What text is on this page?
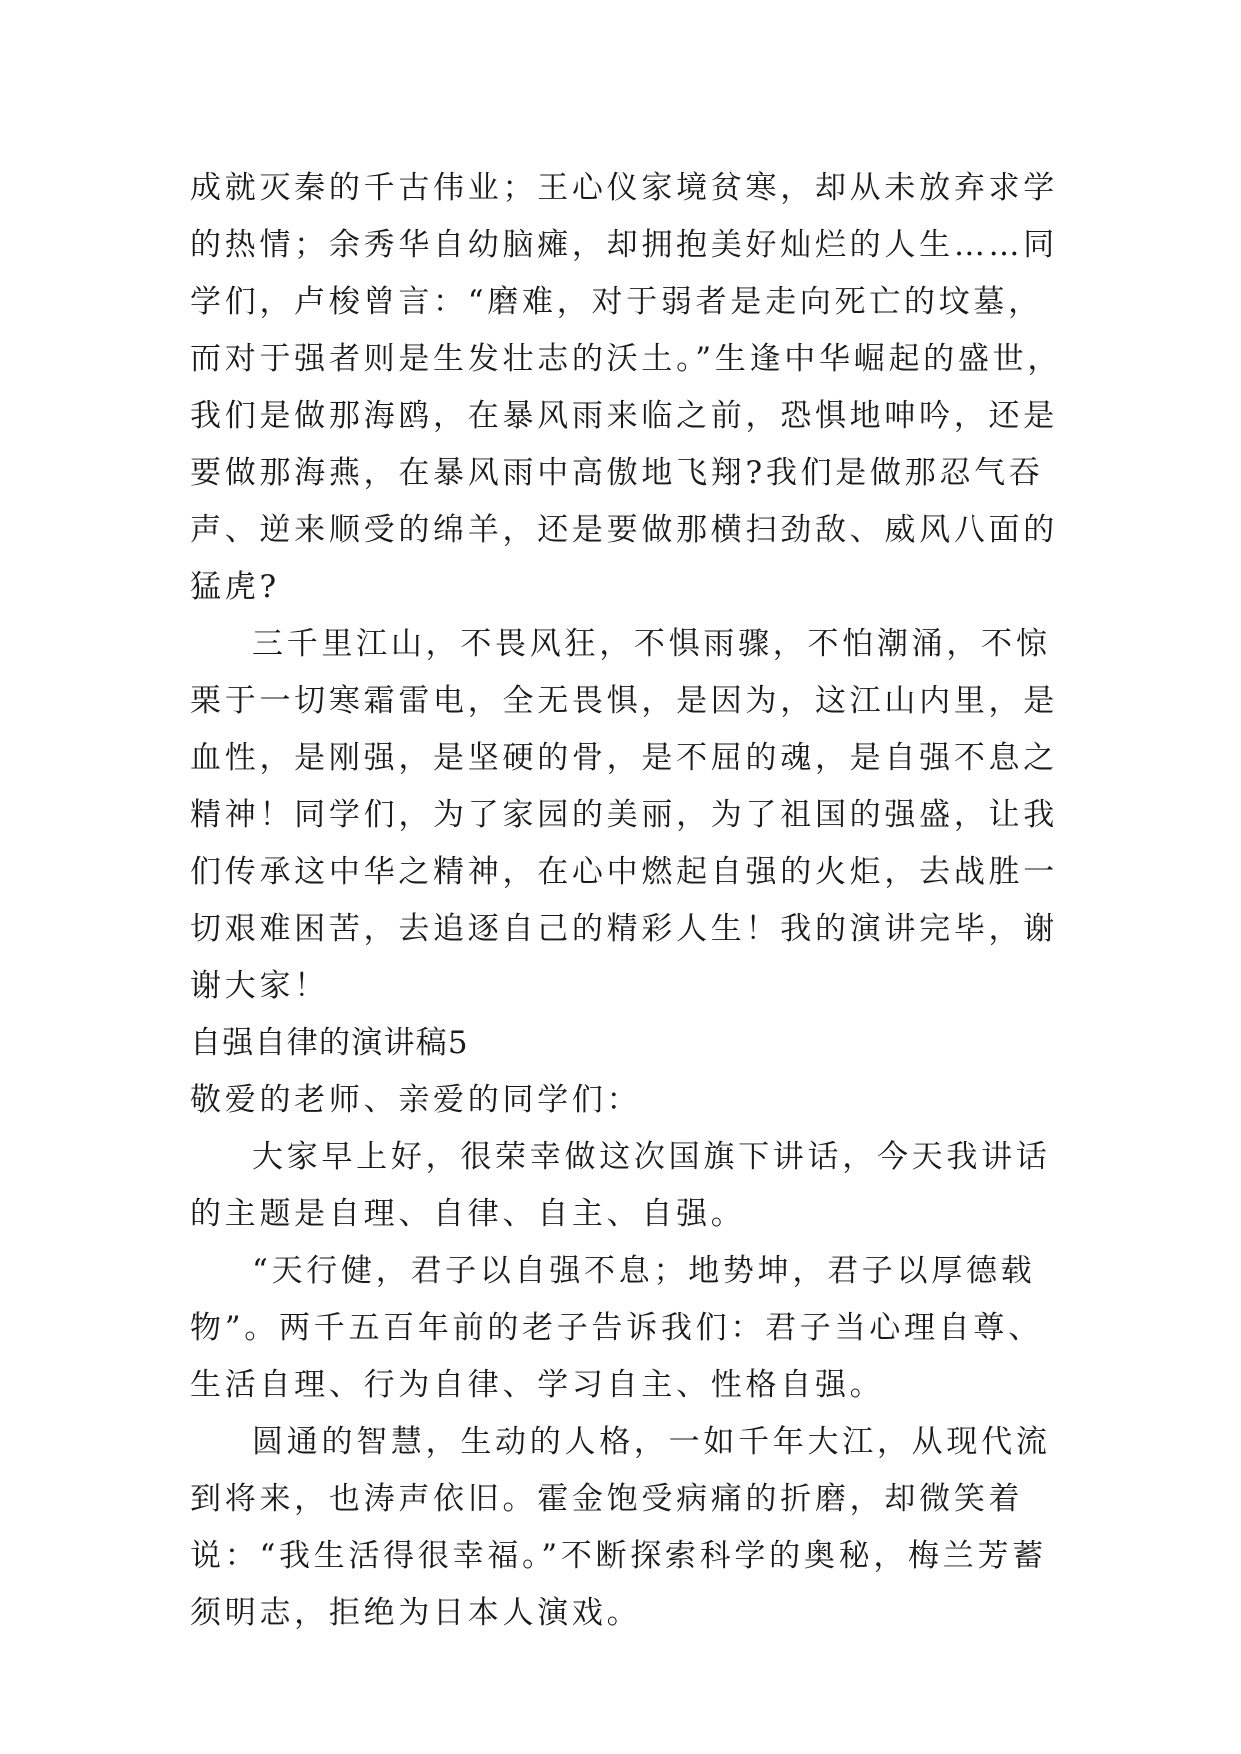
成就灭秦的千古伟业；王心仪家境贫寒，却从未放弃求学的热情；余秀华自幼脑瘫，却拥抱美好灿烂的人生……同学们，卢梭曾言：“磨难，对于弱者是走向死亡的坟墓，而对于强者则是生发壮志的沃土。”生逢中华崛起的盛世，我们是做那海鸥，在暴风雨来临之前，恐惧地呻吟，还是要做那海燕，在暴风雨中高傲地飞翔?我们是做那忍气吞声、逆来顺受的绵羊，还是要做那横扫劲敌、威风八面的猛虎?

三千里江山，不畏风狂，不惧雨骤，不怕潮涌，不惊栗于一切寒霜雷电，全无畏惧，是因为，这江山内里，是血性，是刚强，是坚硬的骨，是不屈的魂，是自强不息之精神！同学们，为了家园的美丽，为了祖国的强盛，让我们传承这中华之精神，在心中燃起自强的火炬，去战胜一切艰难困苦，去追逐自己的精彩人生！我的演讲完毕，谢谢大家！

自强自律的演讲稿5

敬爱的老师、亲爱的同学们：

大家早上好，很荣幸做这次国旗下讲话，今天我讲话的主题是自理、自律、自主、自强。

“天行健，君子以自强不息；地势坤，君子以厚德载物”。两千五百年前的老子告诉我们：君子当心理自尊、生活自理、行为自律、学习自主、性格自强。

圆通的智慧，生动的人格，一如千年大江，从现代流到将来，也涛声依旧。霍金饱受病痛的折磨，却微笑着说：“我生活得很幸福。”不断探索科学的奥秘，梅兰芳蓄须明志，拒绝为日本人演戏。
